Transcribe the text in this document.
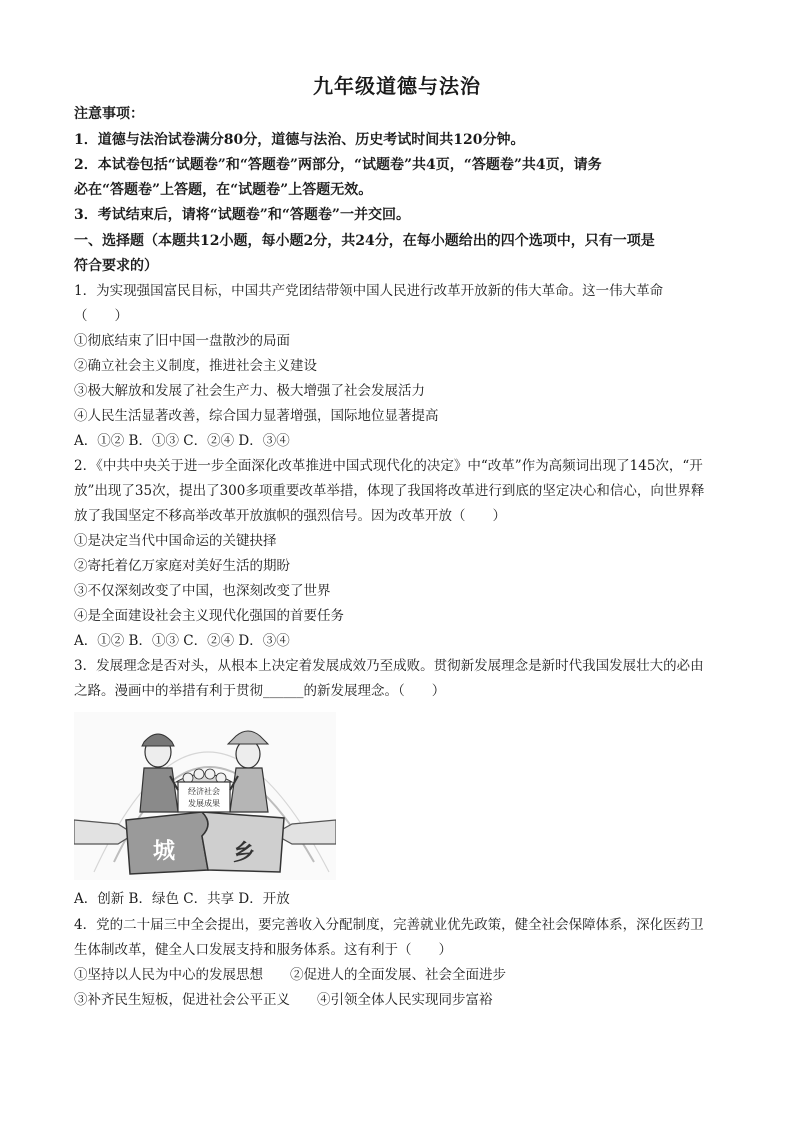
九年级道德与法治
注意事项：
1．道德与法治试卷满分80分，道德与法治、历史考试时间共120分钟。
2．本试卷包括“试题卷”和“答题卷”两部分，“试题卷”共4页，“答题卷”共4页，请务
必在“答题卷”上答题，在“试题卷”上答题无效。
3．考试结束后，请将“试题卷”和“答题卷”一并交回。
一、选择题（本题共12小题，每小题2分，共24分，在每小题给出的四个选项中，只有一项是
符合要求的）
1．为实现强国富民目标，中国共产党团结带领中国人民进行改革开放新的伟大革命。这一伟大革命
（　　）
①彻底结束了旧中国一盘散沙的局面
②确立社会主义制度，推进社会主义建设
③极大解放和发展了社会生产力、极大增强了社会发展活力
④人民生活显著改善，综合国力显著增强，国际地位显著提高
A．①② B．①③ C．②④ D．③④
2．《中共中央关于进一步全面深化改革推进中国式现代化的决定》中“改革”作为高频词出现了145次，“开
放”出现了35次，提出了300多项重要改革举措，体现了我国将改革进行到底的坚定决心和信心，向世界释
放了我国坚定不移高举改革开放旗帜的强烈信号。因为改革开放（　　）
①是决定当代中国命运的关键抉择
②寄托着亿万家庭对美好生活的期盼
③不仅深刻改变了中国，也深刻改变了世界
④是全面建设社会主义现代化强国的首要任务
A．①② B．①③ C．②④ D．③④
3．发展理念是否对头，从根本上决定着发展成效乃至成败。贯彻新发展理念是新时代我国发展壮大的必由
之路。漫画中的举措有利于贯彻______的新发展理念。（　　）
城	乡
经济社会
发展成果
A．创新 B．绿色 C．共享 D．开放
4．党的二十届三中全会提出，要完善收入分配制度，完善就业优先政策，健全社会保障体系，深化医药卫
生体制改革，健全人口发展支持和服务体系。这有利于（　　）
①坚持以人民为中心的发展思想　　②促进人的全面发展、社会全面进步
③补齐民生短板，促进社会公平正义　　④引领全体人民实现同步富裕
